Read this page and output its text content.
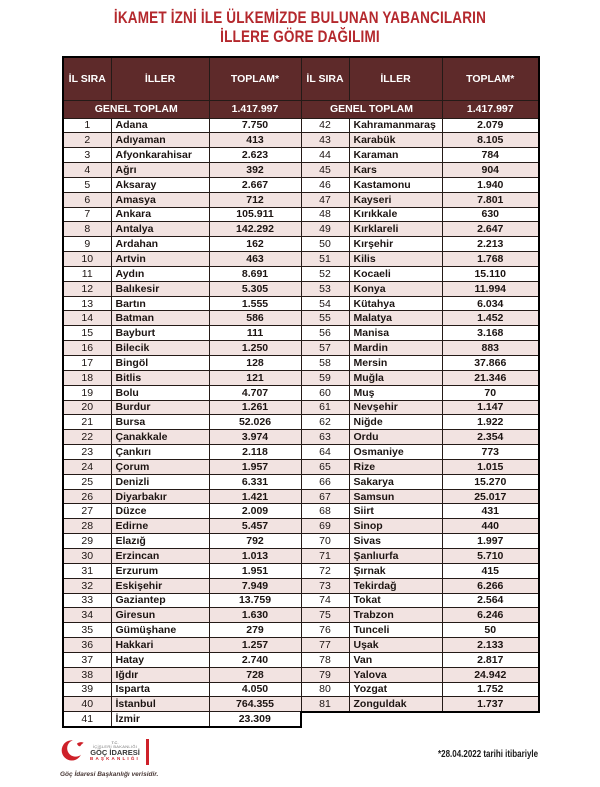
İKAMET İZNİ İLE ÜLKEMİZDE BULUNAN YABANCILARIN
İLLERE GÖRE DAĞILIMI
İL SIRA	İLLER	TOPLAM*	İL SIRA	İLLER	TOPLAM*
GENEL TOPLAM		1.417.997	GENEL TOPLAM		1.417.997
1	Adana	7.750	42	Kahramanmaraş	2.079
2	Adıyaman	413	43	Karabük	8.105
3	Afyonkarahisar	2.623	44	Karaman	784
4	Ağrı	392	45	Kars	904
5	Aksaray	2.667	46	Kastamonu	1.940
6	Amasya	712	47	Kayseri	7.801
7	Ankara	105.911	48	Kırıkkale	630
8	Antalya	142.292	49	Kırklareli	2.647
9	Ardahan	162	50	Kırşehir	2.213
10	Artvin	463	51	Kilis	1.768
11	Aydın	8.691	52	Kocaeli	15.110
12	Balıkesir	5.305	53	Konya	11.994
13	Bartın	1.555	54	Kütahya	6.034
14	Batman	586	55	Malatya	1.452
15	Bayburt	111	56	Manisa	3.168
16	Bilecik	1.250	57	Mardin	883
17	Bingöl	128	58	Mersin	37.866
18	Bitlis	121	59	Muğla	21.346
19	Bolu	4.707	60	Muş	70
20	Burdur	1.261	61	Nevşehir	1.147
21	Bursa	52.026	62	Niğde	1.922
22	Çanakkale	3.974	63	Ordu	2.354
23	Çankırı	2.118	64	Osmaniye	773
24	Çorum	1.957	65	Rize	1.015
25	Denizli	6.331	66	Sakarya	15.270
26	Diyarbakır	1.421	67	Samsun	25.017
27	Düzce	2.009	68	Siirt	431
28	Edirne	5.457	69	Sinop	440
29	Elazığ	792	70	Sivas	1.997
30	Erzincan	1.013	71	Şanlıurfa	5.710
31	Erzurum	1.951	72	Şırnak	415
32	Eskişehir	7.949	73	Tekirdağ	6.266
33	Gaziantep	13.759	74	Tokat	2.564
34	Giresun	1.630	75	Trabzon	6.246
35	Gümüşhane	279	76	Tunceli	50
36	Hakkari	1.257	77	Uşak	2.133
37	Hatay	2.740	78	Van	2.817
38	Iğdır	728	79	Yalova	24.942
39	Isparta	4.050	80	Yozgat	1.752
40	İstanbul	764.355	81	Zonguldak	1.737
41	İzmir	23.309			
T.C.
İÇİŞLERİ BAKANLIĞI
GÖÇ İDARESİ
BAŞKANLIĞI
Göç İdaresi Başkanlığı verisidir.
*28.04.2022 tarihi itibariyle
